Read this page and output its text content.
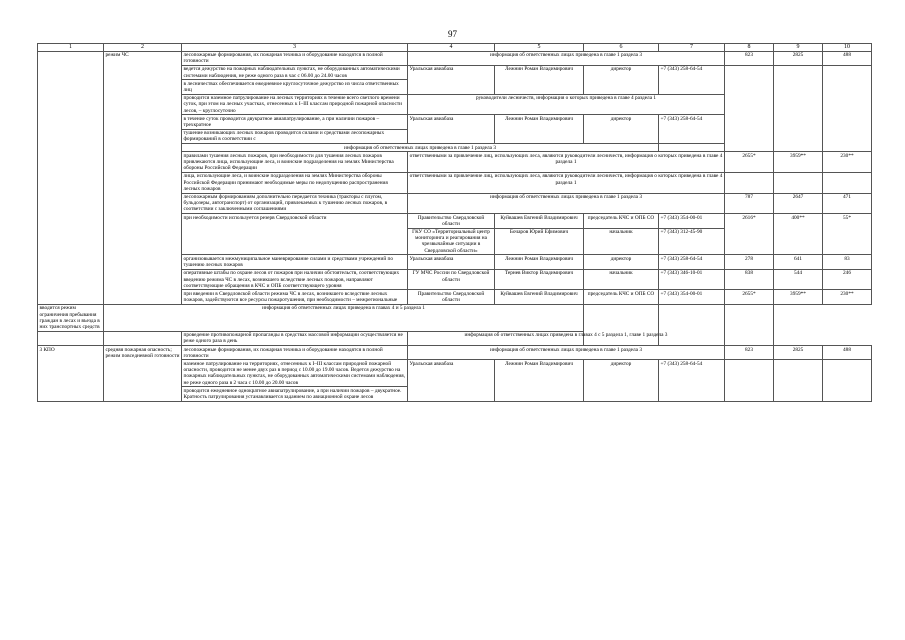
97
1	2	3	4	5	6	7	8	9	10
	режим ЧС	лесопожарные формирования, их пожарная техника и оборудование находятся в полной готовности	информация об ответственных лицах приведена в главе 1 раздела 3				823	2825	488
		ведется дежурство на пожарных наблюдательных пунктах, не оборудованных автоматическими системами наблюдения, не реже одного раза в час с 06.00 до 24.00 часов	Уральская авиабаза	Лежнин Роман Владимирович	директор	+7 (343) 258-64-54			
		в лесничествах обеспечивается ежедневное круглосуточное дежурство из числа ответственных лиц							

		проводится наземное патрулирование на лесных территориях в течение всего светлого времени суток, при этом на лесных участках, отнесенных к I–III классам природной пожарной опасности лесов, – круглосуточно	руководители лесничеств, информация о которых приведена в главе 4 раздела 1						
		в течение суток проводится двукратное авиапатрулирование, а при наличии пожаров – трехкратное	Уральская авиабаза	Лежнин Роман Владимирович	директор	+7 (343) 258-64-54			
		тушение возникающих лесных пожаров проводится силами и средствами лесопожарных формирований в соответствии с							
		информация об ответственных лицах приведена в главе 1 раздела 3							
		правилами тушения лесных пожаров, при необходимости для тушения лесных пожаров привлекаются лица, использующие леса, и воинские подразделения на землях Министерства обороны Российской Федерации	ответственными за привлечение лиц, использующих леса, являются руководители лесничеств, информация о которых приведена в главе 4 раздела 1				2655*	3959**	230**
		лица, использующие леса, и воинские подразделения на землях Министерства обороны Российской Федерации принимают необходимые меры по недопущению распространения лесных пожаров	ответственными за привлечение лиц, использующих леса, являются руководители лесничеств, информация о которых приведена в главе 4 раздела 1						
		лесопожарным формированиям дополнительно передается техника (тракторы с плугом, бульдозеры, автотранспорт) от организаций, привлекаемых к тушению лесных пожаров, в соответствии с заключенными соглашениями	информация об ответственных лицах приведена в главе 1 раздела 3				787	2647	471
		при необходимости используется резерв Свердловской области	Правительство Свердловской области	Куйвашев Евгений Владимирович	председатель КЧС и ОПБ СО	+7 (343) 354-00-01	2616*	400**	55*
			ГКУ СО «Территориальный центр мониторинга и реагирования на чрезвычайные ситуации в Свердловской области»	Бочаров Юрий Ефимович	начальник	+7 (343) 312-45-90			
		организовывается межмуниципальное маневрирование силами и средствами учреждений по тушению лесных пожаров	Уральская авиабаза	Лежнин Роман Владимирович	директор	+7 (343) 258-64-54	278	641	83
		оперативные штабы по охране лесов от пожаров при наличии обстоятельств, соответствующих введению режима ЧС в лесах, возникшего вследствие лесных пожаров, направляют соответствующие обращения в КЧС и ОПБ соответствующего уровня	ГУ МЧС России по Свердловской области	Тернев Виктор Владимирович	начальник	+7 (343) 346-10-01	838	544	246
		при введении в Свердловской области режима ЧС в лесах, возникшего вследствие лесных пожаров, задействуются все ресурсы пожаротушения, при необходимости – межрегиональные	Правительство Свердловской области	Куйвашев Евгений Владимирович	председатель КЧС и ОПБ СО	+7 (343) 354-00-01	2655*	3959**	230**
вводится режим ограничения пребывания граждан в лесах и въезда в них транспортных средств	информация об ответственных лицах приведена в главах 4 и 5 раздела 1								
		проведение противопожарной пропаганды в средствах массовой информации осуществляется не реже одного раза в день	информация об ответственных лицах приведена в главах 4 с 5 раздела 1, главе 1 раздела 3						
3 КПО	средняя пожарная опасность; режим повседневной готовности	лесопожарные формирования, их пожарная техника и оборудование находятся в полной готовности	информация об ответственных лицах приведена в главе 1 раздела 3				823	2825	488
		наземное патрулирование на территориях, отнесенных к I–III классам природной пожарной опасности, проводится не менее двух раз в период с 10.00 до 19.00 часов. Ведется дежурство на пожарных наблюдательных пунктах, не оборудованных автоматическими системами наблюдения, не реже одного раза в 2 часа с 10.00 до 20.00 часов	Уральская авиабаза	Лежнин Роман Владимирович	директор	+7 (343) 258-64-54			
		проводится ежедневное однократное авиапатрулирование, а при наличии пожаров – двукратное. Кратность патрулирования устанавливается заданием по авиационной охране лесов							
